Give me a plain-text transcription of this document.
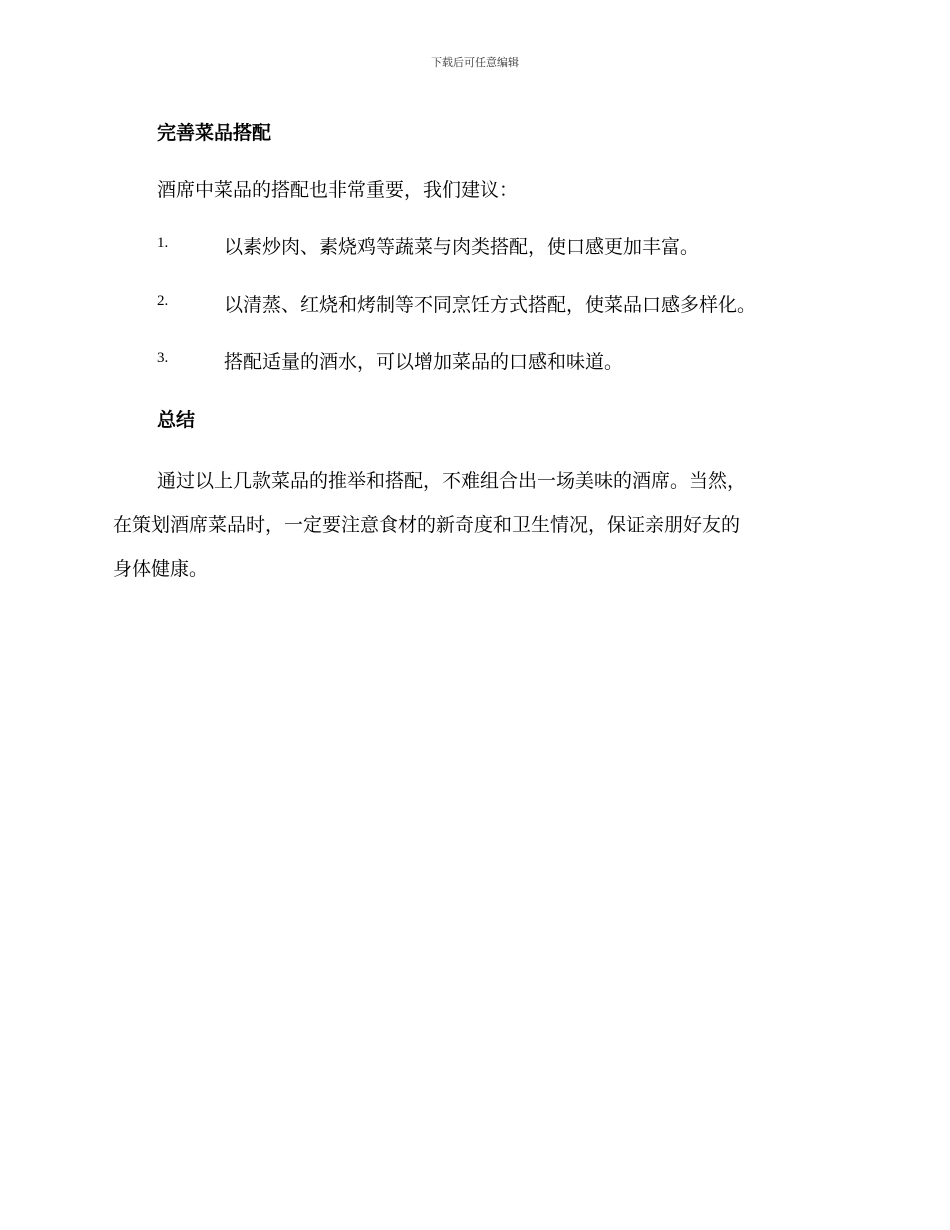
下载后可任意编辑
完善菜品搭配
酒席中菜品的搭配也非常重要，我们建议：
1.	以素炒肉、素烧鸡等蔬菜与肉类搭配，使口感更加丰富。
2.	以清蒸、红烧和烤制等不同烹饪方式搭配，使菜品口感多样化。
3.	搭配适量的酒水，可以增加菜品的口感和味道。
总结
通过以上几款菜品的推举和搭配，不难组合出一场美味的酒席。当然，
在策划酒席菜品时，一定要注意食材的新奇度和卫生情况，保证亲朋好友的
身体健康。
